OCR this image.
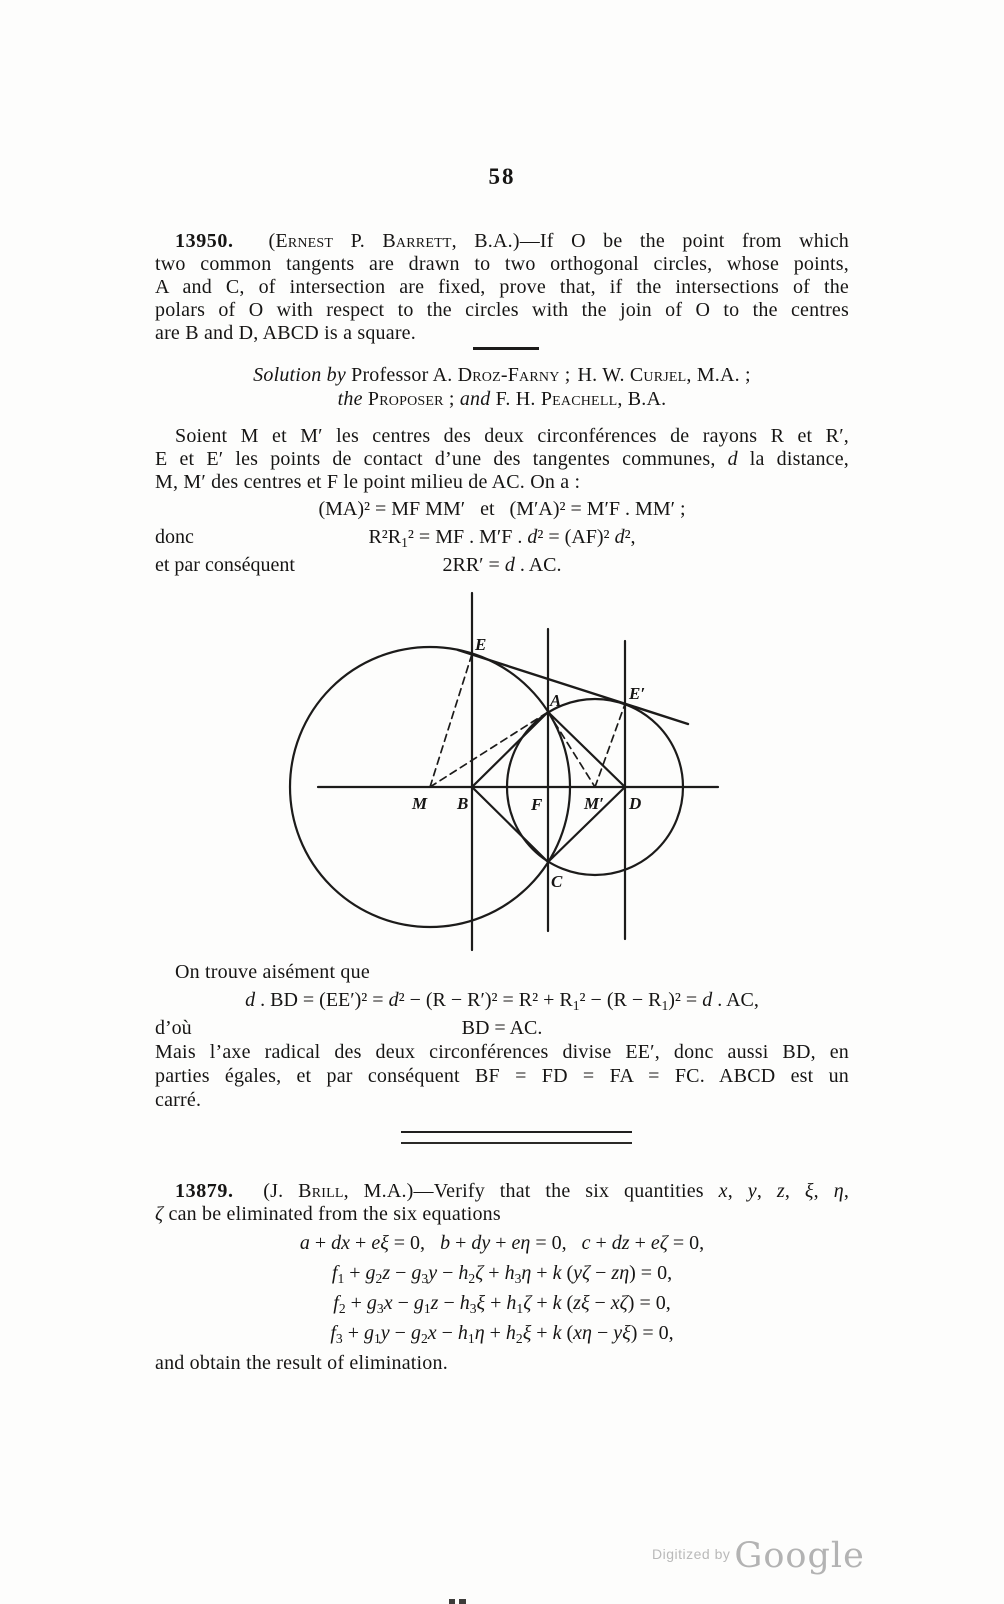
58
13950. (Ernest P. Barrett, B.A.)—If O be the point from which
two common tangents are drawn to two orthogonal circles, whose points,
A and C, of intersection are fixed, prove that, if the intersections of the
polars of O with respect to the circles with the join of O to the centres
are B and D, ABCD is a square.
Solution by Professor A. Droz-Farny ;  H. W. Curjel, M.A. ;
the Proposer ; and F. H. Peachell, B.A.
Soient M et M′ les centres des deux circonférences de rayons R et R′,
E et E′ les points de contact d’une des tangentes communes, d la distance,
M, M′ des centres et F le point milieu de AC. On a :
(MA)² = MF MM′   et   (M′A)² = M′F . MM′ ;
donc	$R^2R_1^2$ = MF . M′F . d² = (AF)² d²,
et par conséquent	2RR′ = d . AC.
E
E′
A
M B	F M′ D
C
On trouve aisément que
d . BD = $(EE')^2 = d^2 - (R - R')^2 = R^2 + R_1^2 - (R - R_1)^2 = d$ . AC,
d’où	BD = AC.
Mais l’axe radical des deux circonférences divise EE′, donc aussi BD, en
parties égales, et par conséquent BF = FD = FA = FC. ABCD est un
carré.
13879. (J. Brill, M.A.)—Verify that the six quantities x, y, z, ξ, η,
ζ can be eliminated from the six equations
a + dx + eξ = 0,   b + dy + eη = 0,   c + dz + eζ = 0,
$f_1 + g_2z - g_3y - h_2\zeta + h_3\eta + k$ (yζ − zη) = 0,
$f_2 + g_3x - g_1z - h_3\xi + h_1\zeta + k$ (zξ − xζ) = 0,
$f_3 + g_1y - g_2x - h_1\eta + h_2\xi + k$ (xη − yξ) = 0,
and obtain the result of elimination.
Digitized by Google
